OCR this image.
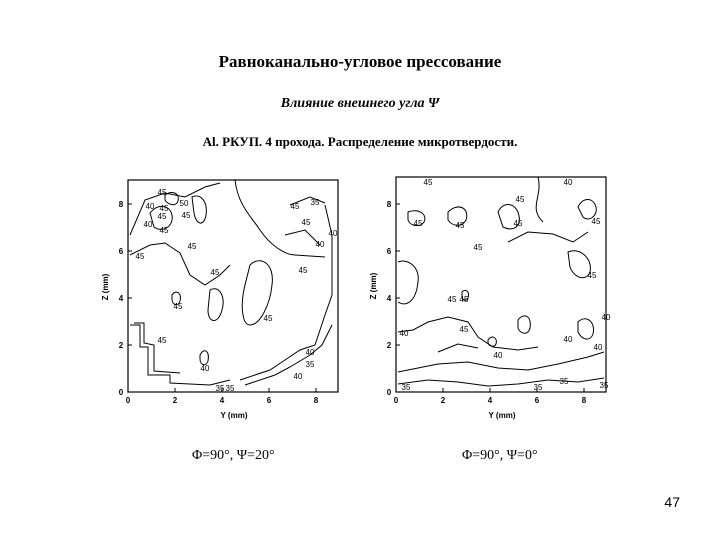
Равноканально-угловое прессование
Влияние внешнего угла Ψ
Al. РКУП. 4 прохода. Распределение микротвердости.
45
40 45
50
45 45
40
45
45
45 35
40
40
45
45
45
45
45
45
45
40
40	35
35 35
40
0	2	4	6	8
0
2
4
6
8
Y (mm)
Z (mm)
45	40
45
45	45	45	45
45
45
45 45
40
45
40
40
40
35
40
35
35	35
0	2	4	6	8
0
2
4
6
8
Y (mm)
Z (mm)
Φ=90°, Ψ=20°	Φ=90°, Ψ=0°
47
